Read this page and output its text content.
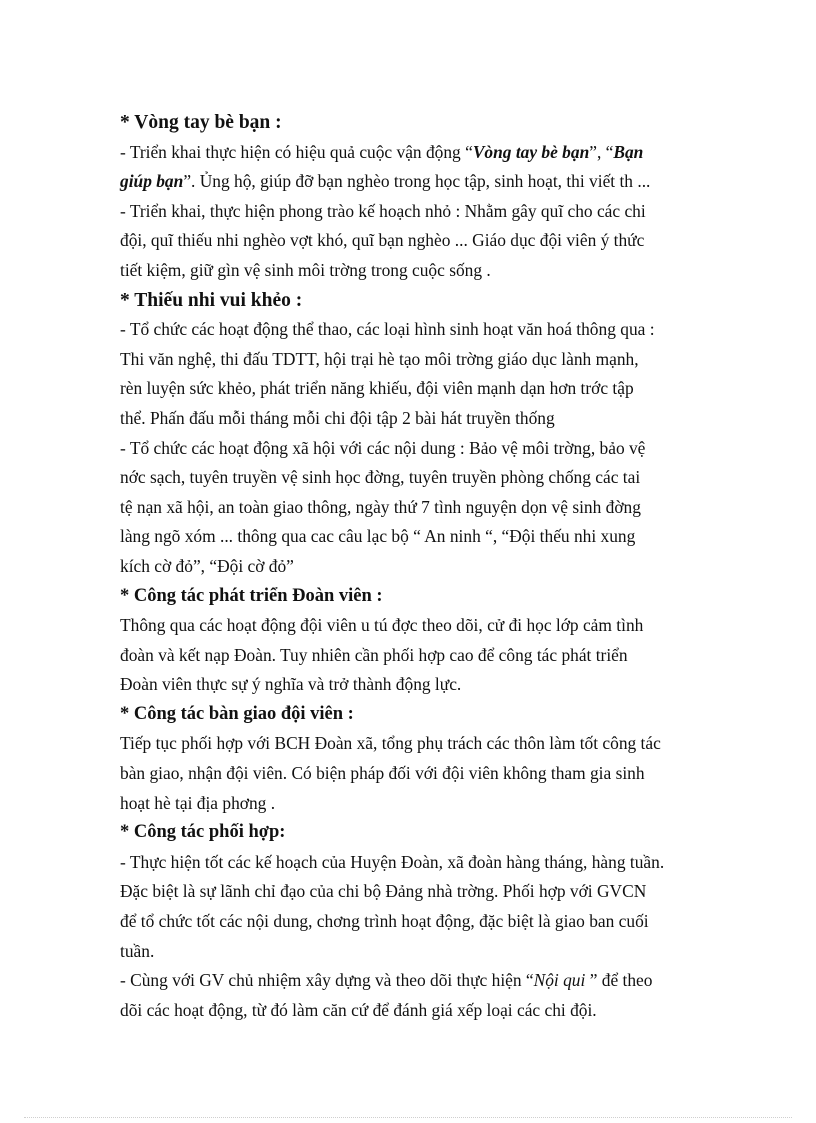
* Vòng tay bè bạn :

- Triển khai thực hiện có hiệu quả cuộc vận động “Vòng tay bè bạn”, “Bạn

giúp bạn”. Ủng hộ, giúp đỡ bạn nghèo trong học tập, sinh hoạt, thi viết th ...

- Triển khai, thực hiện phong trào kế hoạch nhỏ : Nhằm gây quĩ cho các chi

đội, quĩ thiếu nhi nghèo vợt khó, quĩ bạn nghèo ... Giáo dục đội viên ý thức

tiết kiệm, giữ gìn vệ sinh môi trờng trong cuộc sống .

* Thiếu nhi vui khẻo :

- Tổ chức các hoạt động thể thao, các loại hình sinh hoạt văn hoá thông qua :

Thi văn nghệ, thi đấu TDTT, hội trại hè tạo môi trờng giáo dục lành mạnh,

rèn luyện sức khẻo, phát triển năng khiếu, đội viên mạnh dạn hơn trớc tập

thể. Phấn đấu mỗi tháng mỗi chi đội tập 2 bài hát truyền thống

- Tổ chức các hoạt động xã hội với các nội dung : Bảo vệ môi trờng, bảo vệ

nớc sạch, tuyên truyền vệ sinh học đờng, tuyên truyền phòng chống các tai

tệ nạn xã hội, an toàn giao thông, ngày thứ 7 tình nguyện dọn vệ sinh đờng

làng ngõ xóm ... thông qua cac câu lạc bộ “ An ninh “, “Đội thếu nhi xung

kích cờ đỏ”, “Đội cờ đỏ”

* Công tác phát triển Đoàn viên :

Thông qua các hoạt động đội viên u tú đợc theo dõi, cử đi học lớp cảm tình

đoàn và kết nạp Đoàn. Tuy nhiên cần phối hợp cao để công tác phát triển

Đoàn viên thực sự ý nghĩa và trở thành động lực.

* Công tác bàn giao đội viên :

Tiếp tục phối hợp với BCH Đoàn xã, tổng phụ trách các thôn làm tốt công tác

bàn giao, nhận đội viên. Có biện pháp đối với đội viên không tham gia sinh

hoạt hè tại địa phơng .

* Công tác phối hợp:

- Thực hiện tốt các kế hoạch của Huyện Đoàn, xã đoàn hàng tháng, hàng tuần.

Đặc biệt là sự lãnh chỉ đạo của chi bộ Đảng nhà trờng. Phối hợp với GVCN

để tổ chức tốt các nội dung, chơng trình hoạt động, đặc biệt là giao ban cuối

tuần.

- Cùng với GV chủ nhiệm xây dựng và theo dõi thực hiện “Nội qui ” để theo

dõi các hoạt động, từ đó làm căn cứ để đánh giá xếp loại các chi đội.
